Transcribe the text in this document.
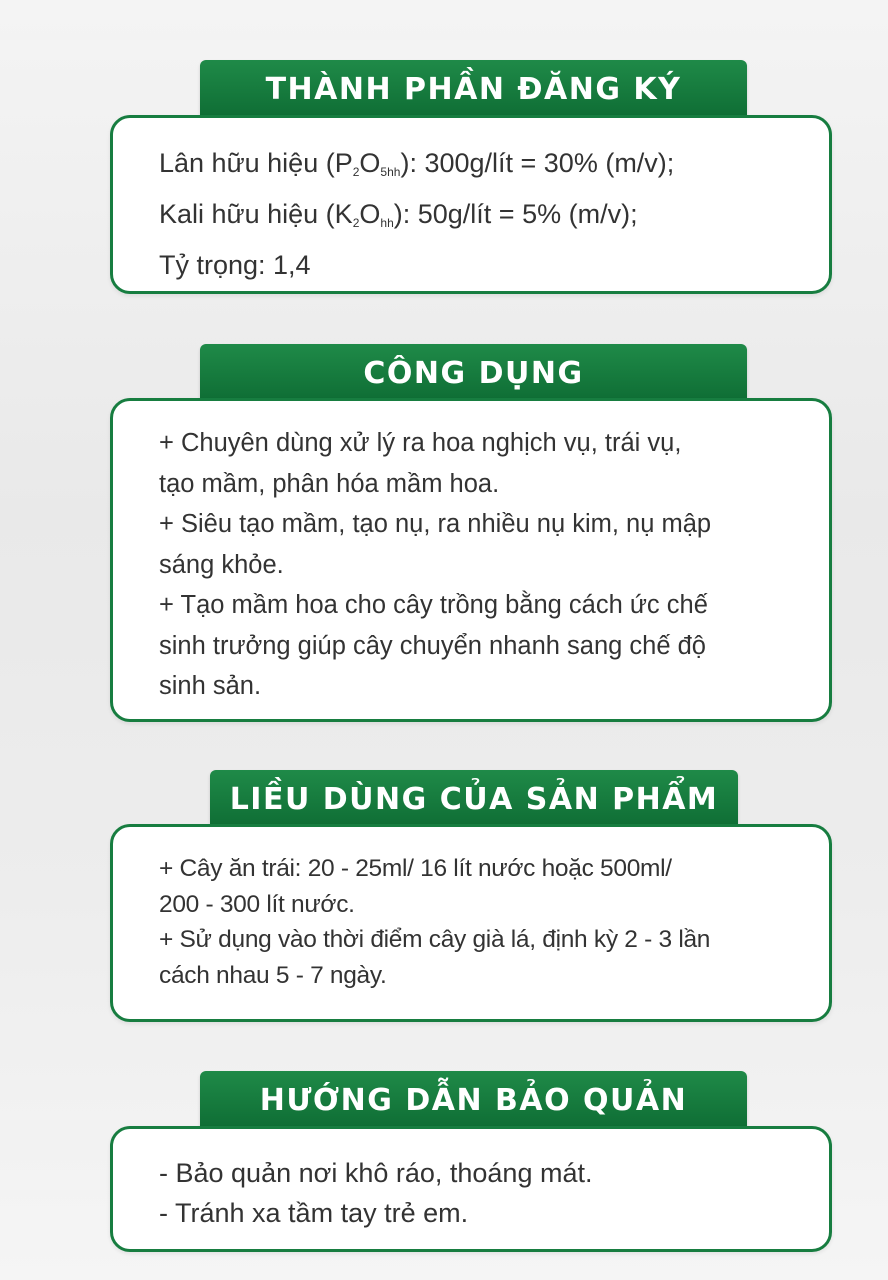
THÀNH PHẦN ĐĂNG KÝ
Lân hữu hiệu $(P_2O_{5hh})$: 300g/lít = 30% (m/v);
Kali hữu hiệu $(K_2O_{hh})$: 50g/lít = 5% (m/v);
Tỷ trọng: 1,4
CÔNG DỤNG
+ Chuyên dùng xử lý ra hoa nghịch vụ, trái vụ,
tạo mầm, phân hóa mầm hoa.
+ Siêu tạo mầm, tạo nụ, ra nhiều nụ kim, nụ mập
sáng khỏe.
+ Tạo mầm hoa cho cây trồng bằng cách ức chế
sinh trưởng giúp cây chuyển nhanh sang chế độ
sinh sản.
LIỀU DÙNG CỦA SẢN PHẨM
+ Cây ăn trái: 20 - 25ml/ 16 lít nước hoặc 500ml/
200 - 300 lít nước.
+ Sử dụng vào thời điểm cây già lá, định kỳ 2 - 3 lần
cách nhau 5 - 7 ngày.
HƯỚNG DẪN BẢO QUẢN
- Bảo quản nơi khô ráo, thoáng mát.
- Tránh xa tầm tay trẻ em.
